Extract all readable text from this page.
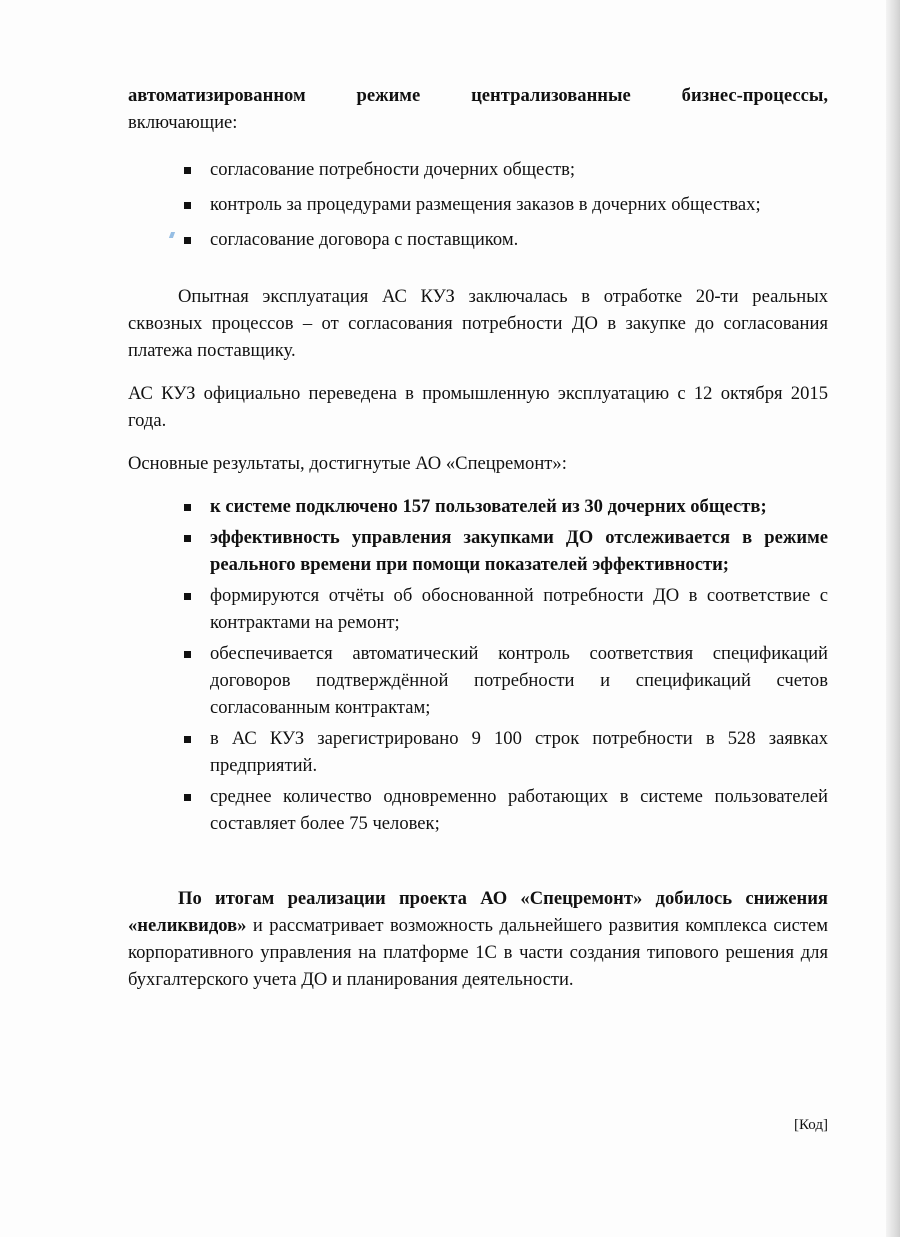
автоматизированном	режиме	централизованные	бизнес-процессы,

включающие:

согласование потребности дочерних обществ;
контроль за процедурами размещения заказов в дочерних обществах;
согласование договора с поставщиком.

Опытная эксплуатация АС КУЗ заключалась в отработке 20-ти реальных сквозных процессов – от согласования потребности ДО в закупке до согласования платежа поставщику.

АС КУЗ официально переведена в промышленную эксплуатацию с 12 октября 2015 года.

Основные результаты, достигнутые АО «Спецремонт»:

к системе подключено 157 пользователей из 30 дочерних обществ;
эффективность управления закупками ДО отслеживается в режиме реального времени при помощи показателей эффективности;
формируются отчёты об обоснованной потребности ДО в соответствие с контрактами на ремонт;
обеспечивается автоматический контроль соответствия спецификаций договоров подтверждённой потребности и спецификаций счетов согласованным контрактам;
в АС КУЗ зарегистрировано 9 100 строк потребности в 528 заявках предприятий.
среднее количество одновременно работающих в системе пользователей составляет более 75 человек;

По итогам реализации проекта АО «Спецремонт» добилось снижения «неликвидов» и рассматривает возможность дальнейшего развития комплекса систем корпоративного управления на платформе 1С в части создания типового решения для бухгалтерского учета ДО и планирования деятельности.

[Код]
